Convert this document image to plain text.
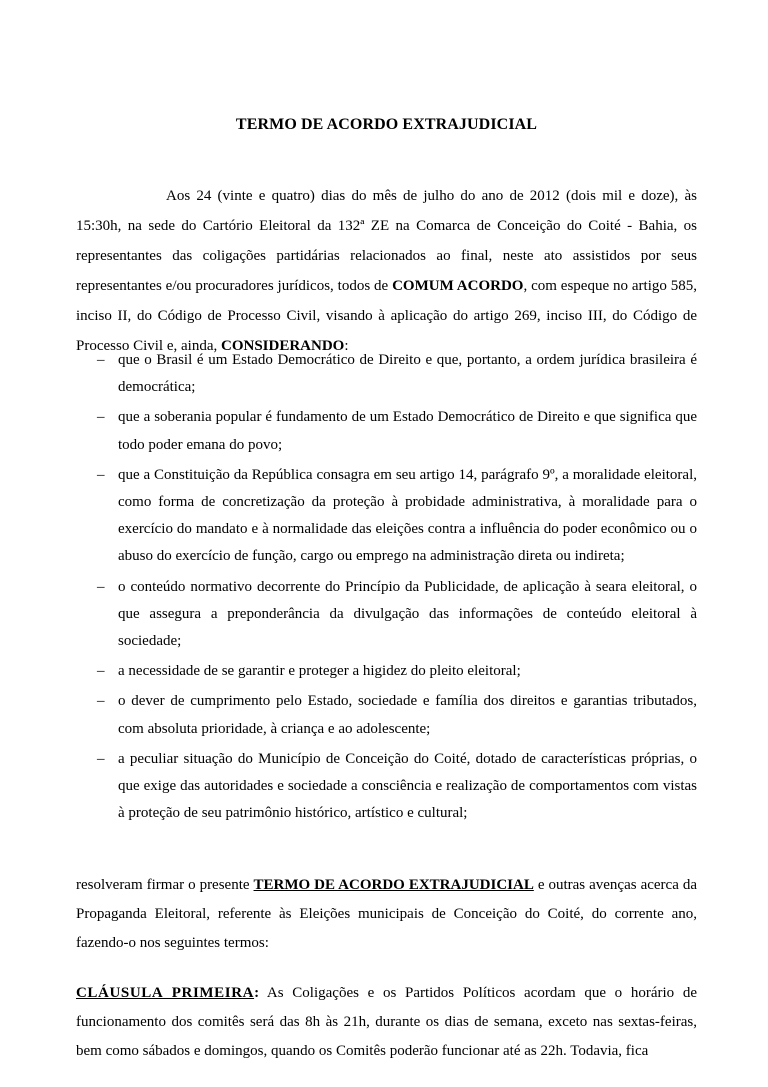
TERMO DE ACORDO EXTRAJUDICIAL
Aos 24 (vinte e quatro) dias do mês de julho do ano de 2012 (dois mil e doze), às 15:30h, na sede do Cartório Eleitoral da 132ª ZE na Comarca de Conceição do Coité - Bahia, os representantes das coligações partidárias relacionados ao final, neste ato assistidos por seus representantes e/ou procuradores jurídicos, todos de COMUM ACORDO, com espeque no artigo 585, inciso II, do Código de Processo Civil, visando à aplicação do artigo 269, inciso III, do Código de Processo Civil e, ainda, CONSIDERANDO:
– que o Brasil é um Estado Democrático de Direito e que, portanto, a ordem jurídica brasileira é democrática;
– que a soberania popular é fundamento de um Estado Democrático de Direito e que significa que todo poder emana do povo;
– que a Constituição da República consagra em seu artigo 14, parágrafo 9º, a moralidade eleitoral, como forma de concretização da proteção à probidade administrativa, à moralidade para o exercício do mandato e à normalidade das eleições contra a influência do poder econômico ou o abuso do exercício de função, cargo ou emprego na administração direta ou indireta;
– o conteúdo normativo decorrente do Princípio da Publicidade, de aplicação à seara eleitoral, o que assegura a preponderância da divulgação das informações de conteúdo eleitoral à sociedade;
– a necessidade de se garantir e proteger a higidez do pleito eleitoral;
– o dever de cumprimento pelo Estado, sociedade e família dos direitos e garantias tributados, com absoluta prioridade, à criança e ao adolescente;
– a peculiar situação do Município de Conceição do Coité, dotado de características próprias, o que exige das autoridades e sociedade a consciência e realização de comportamentos com vistas à proteção de seu patrimônio histórico, artístico e cultural;
resolveram firmar o presente TERMO DE ACORDO EXTRAJUDICIAL e outras avenças acerca da Propaganda Eleitoral, referente às Eleições municipais de Conceição do Coité, do corrente ano, fazendo-o nos seguintes termos:
CLÁUSULA PRIMEIRA: As Coligações e os Partidos Políticos acordam que o horário de funcionamento dos comitês será das 8h às 21h, durante os dias de semana, exceto nas sextas-feiras, bem como sábados e domingos, quando os Comitês poderão funcionar até as 22h. Todavia, fica
